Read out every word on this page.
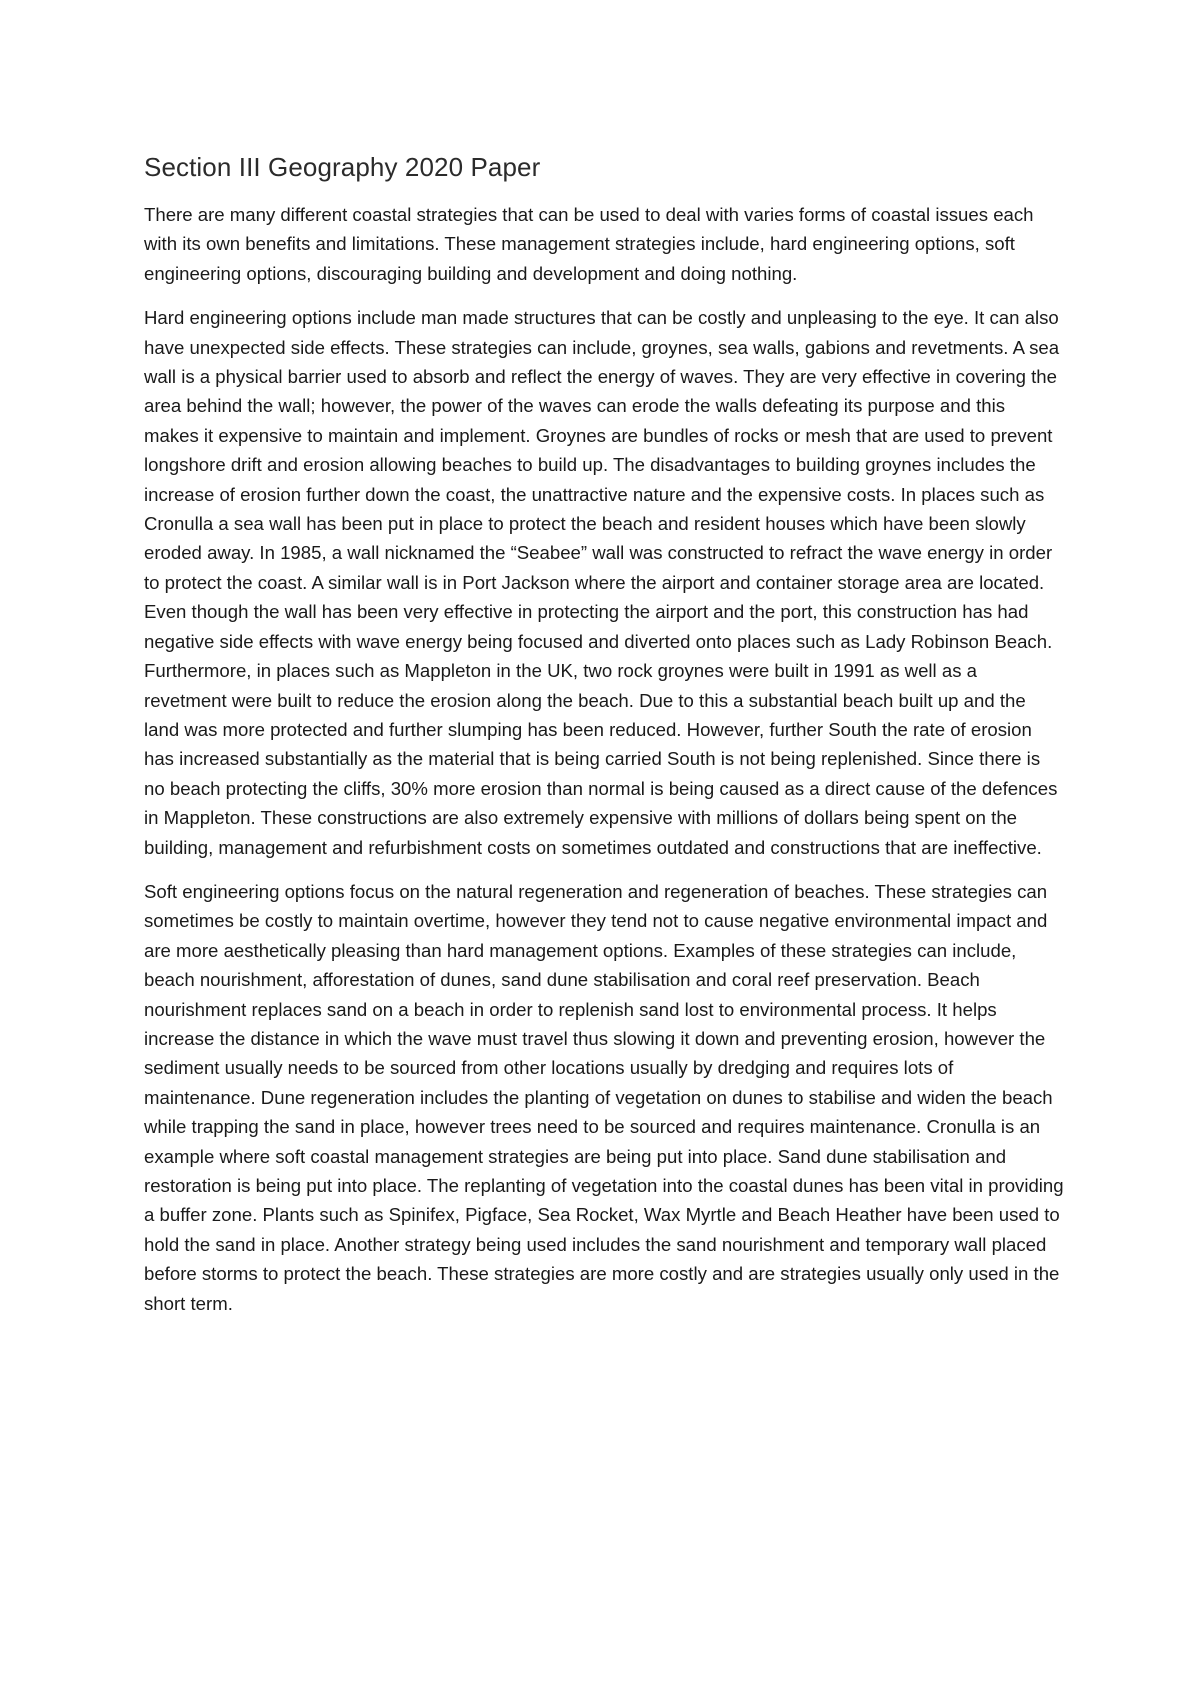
Section III Geography 2020 Paper

There are many different coastal strategies that can be used to deal with varies forms of coastal issues each with its own benefits and limitations. These management strategies include, hard engineering options, soft engineering options, discouraging building and development and doing nothing.

Hard engineering options include man made structures that can be costly and unpleasing to the eye. It can also have unexpected side effects. These strategies can include, groynes, sea walls, gabions and revetments. A sea wall is a physical barrier used to absorb and reflect the energy of waves. They are very effective in covering the area behind the wall; however, the power of the waves can erode the walls defeating its purpose and this makes it expensive to maintain and implement. Groynes are bundles of rocks or mesh that are used to prevent longshore drift and erosion allowing beaches to build up. The disadvantages to building groynes includes the increase of erosion further down the coast, the unattractive nature and the expensive costs. In places such as Cronulla a sea wall has been put in place to protect the beach and resident houses which have been slowly eroded away. In 1985, a wall nicknamed the “Seabee” wall was constructed to refract the wave energy in order to protect the coast. A similar wall is in Port Jackson where the airport and container storage area are located. Even though the wall has been very effective in protecting the airport and the port, this construction has had negative side effects with wave energy being focused and diverted onto places such as Lady Robinson Beach. Furthermore, in places such as Mappleton in the UK, two rock groynes were built in 1991 as well as a revetment were built to reduce the erosion along the beach. Due to this a substantial beach built up and the land was more protected and further slumping has been reduced. However, further South the rate of erosion has increased substantially as the material that is being carried South is not being replenished. Since there is no beach protecting the cliffs, 30% more erosion than normal is being caused as a direct cause of the defences in Mappleton. These constructions are also extremely expensive with millions of dollars being spent on the building, management and refurbishment costs on sometimes outdated and constructions that are ineffective.

Soft engineering options focus on the natural regeneration and regeneration of beaches. These strategies can sometimes be costly to maintain overtime, however they tend not to cause negative environmental impact and are more aesthetically pleasing than hard management options. Examples of these strategies can include, beach nourishment, afforestation of dunes, sand dune stabilisation and coral reef preservation. Beach nourishment replaces sand on a beach in order to replenish sand lost to environmental process. It helps increase the distance in which the wave must travel thus slowing it down and preventing erosion, however the sediment usually needs to be sourced from other locations usually by dredging and requires lots of maintenance. Dune regeneration includes the planting of vegetation on dunes to stabilise and widen the beach while trapping the sand in place, however trees need to be sourced and requires maintenance. Cronulla is an example where soft coastal management strategies are being put into place. Sand dune stabilisation and restoration is being put into place. The replanting of vegetation into the coastal dunes has been vital in providing a buffer zone. Plants such as Spinifex, Pigface, Sea Rocket, Wax Myrtle and Beach Heather have been used to hold the sand in place. Another strategy being used includes the sand nourishment and temporary wall placed before storms to protect the beach. These strategies are more costly and are strategies usually only used in the short term.
